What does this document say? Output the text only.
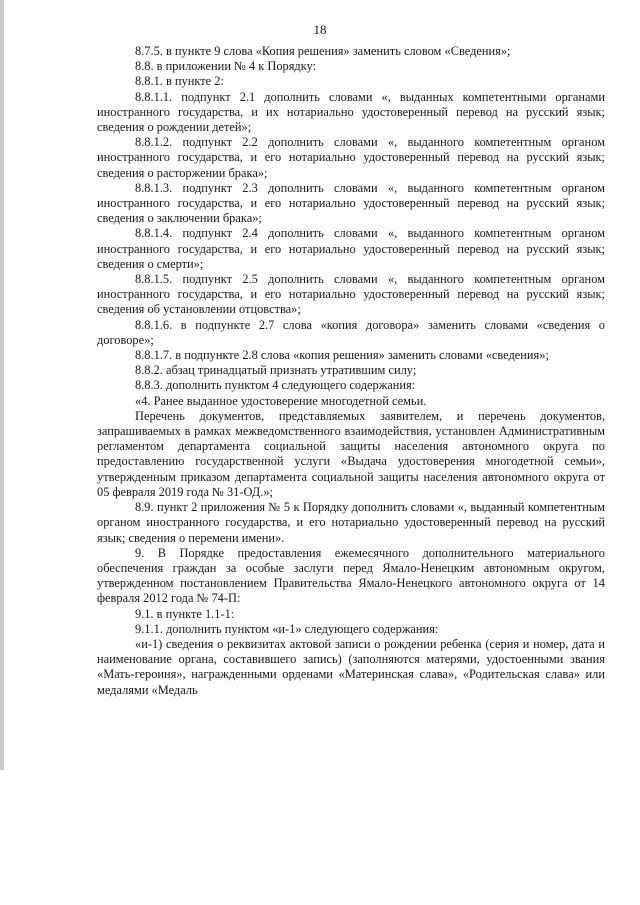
18

8.7.5. в пункте 9 слова «Копия решения» заменить словом «Сведения»;

8.8. в приложении № 4 к Порядку:

8.8.1. в пункте 2:

8.8.1.1. подпункт 2.1 дополнить словами «, выданных компетентными органами иностранного государства, и их нотариально удостоверенный перевод на русский язык; сведения о рождении детей»;

8.8.1.2. подпункт 2.2 дополнить словами «, выданного компетентным органом иностранного государства, и его нотариально удостоверенный перевод на русский язык; сведения о расторжении брака»;

8.8.1.3. подпункт 2.3 дополнить словами «, выданного компетентным органом иностранного государства, и его нотариально удостоверенный перевод на русский язык; сведения о заключении брака»;

8.8.1.4. подпункт 2.4 дополнить словами «, выданного компетентным органом иностранного государства, и его нотариально удостоверенный перевод на русский язык; сведения о смерти»;

8.8.1.5. подпункт 2.5 дополнить словами «, выданного компетентным органом иностранного государства, и его нотариально удостоверенный перевод на русский язык; сведения об установлении отцовства»;

8.8.1.6. в подпункте 2.7 слова «копия договора» заменить словами «сведения о договоре»;

8.8.1.7. в подпункте 2.8 слова «копия решения» заменить словами «сведения»;

8.8.2. абзац тринадцатый признать утратившим силу;

8.8.3. дополнить пунктом 4 следующего содержания:

«4. Ранее выданное удостоверение многодетной семьи.

Перечень документов, представляемых заявителем, и перечень документов, запрашиваемых в рамках межведомственного взаимодействия, установлен Административным регламентом департамента социальной защиты населения автономного округа по предоставлению государственной услуги «Выдача удостоверения многодетной семьи», утвержденным приказом департамента социальной защиты населения автономного округа от 05 февраля 2019 года № 31-ОД.»;

8.9. пункт 2 приложения № 5 к Порядку дополнить словами «, выданный компетентным органом иностранного государства, и его нотариально удостоверенный перевод на русский язык; сведения о перемени имени».

9. В Порядке предоставления ежемесячного дополнительного материального обеспечения граждан за особые заслуги перед Ямало-Ненецким автономным округом, утвержденном постановлением Правительства Ямало-Ненецкого автономного округа от 14 февраля 2012 года № 74-П:

9.1. в пункте 1.1-1:

9.1.1. дополнить пунктом «и-1» следующего содержания:

«и-1) сведения о реквизитах актовой записи о рождении ребенка (серия и номер, дата и наименование органа, составившего запись) (заполняются матерями, удостоенными звания «Мать-героиня», награжденными орденами «Материнская слава», «Родительская слава» или медалями «Медаль
